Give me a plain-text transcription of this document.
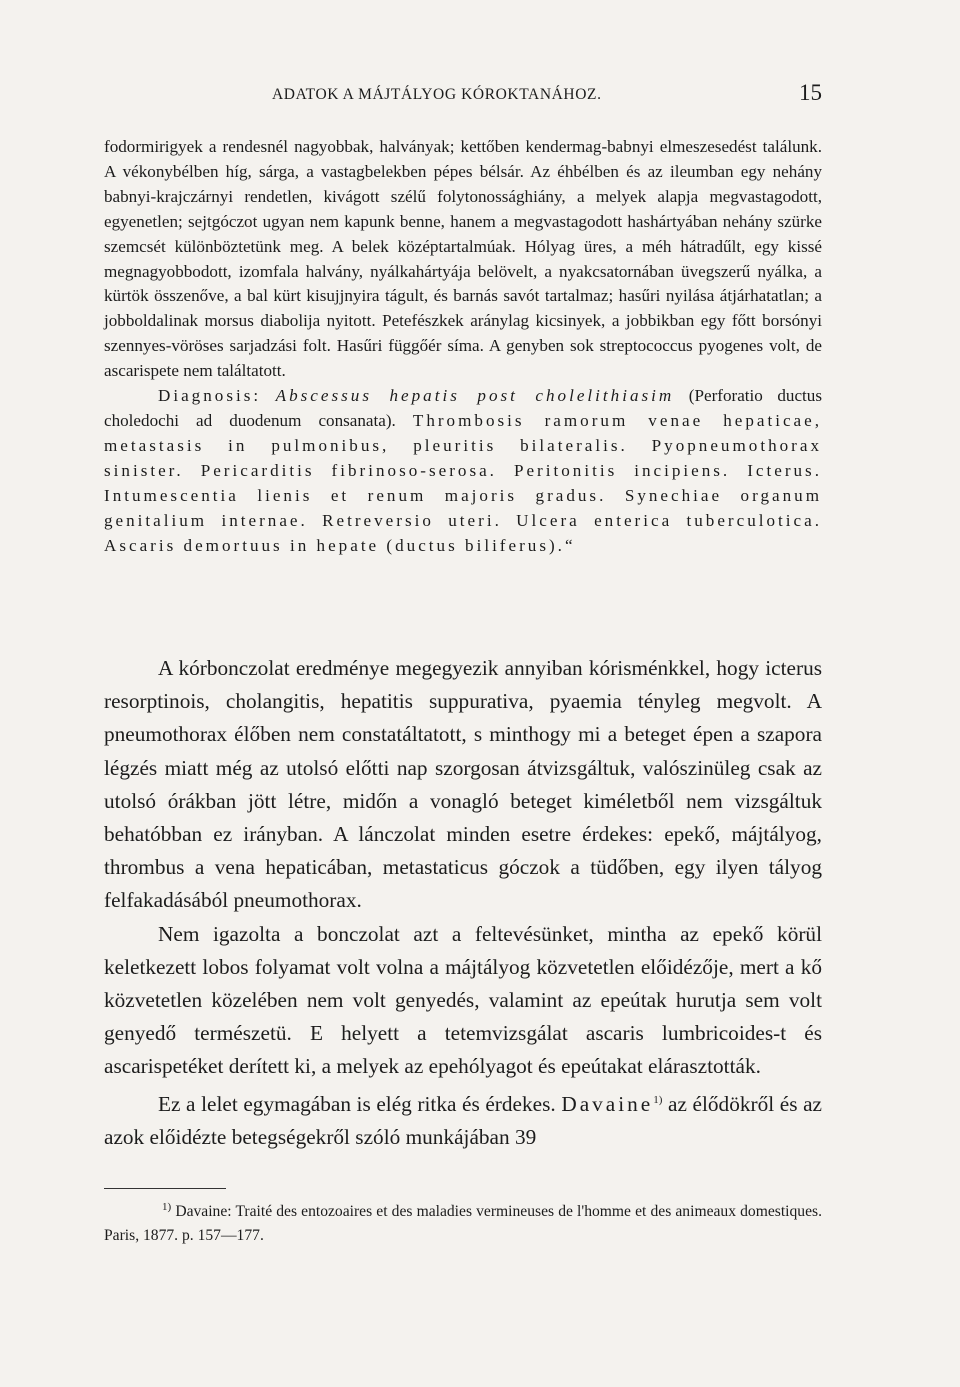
ADATOK A MÁJTÁLYOG KÓROKTANÁHOZ.	15

fodormirigyek a rendesnél nagyobbak, halványak; kettőben kendermag-babnyi elmeszesedést találunk. A vékonybélben híg, sárga, a vastagbelekben pépes bélsár. Az éhbélben és az ileumban egy nehány babnyi-krajczárnyi rendetlen, kivágott szélű folytonossághiány, a melyek alapja megvastagodott, egyenetlen; sejtgóczot ugyan nem kapunk benne, hanem a megvastagodott hashártyában nehány szürke szemcsét különböztetünk meg. A belek középtartalmúak. Hólyag üres, a méh hátradűlt, egy kissé megnagyobbodott, izomfala halvány, nyálkahártyája belövelt, a nyakcsatornában üvegszerű nyálka, a kürtök összenőve, a bal kürt kisujjnyira tágult, és barnás savót tartalmaz; hasűri nyilása átjárhatatlan; a jobboldalinak morsus diabolija nyitott. Petefészkek aránylag kicsinyek, a jobbikban egy főtt borsónyi szennyes-vöröses sarjadzási folt. Hasűri függőér síma. A genyben sok streptococcus pyogenes volt, de ascarispete nem találtatott.

Diagnosis: Abscessus hepatis post cholelithiasim (Perforatio ductus choledochi ad duodenum consanata). Thrombosis ramorum venae hepaticae, metastasis in pulmonibus, pleuritis bilateralis. Pyopneumothorax sinister. Pericarditis fibrinoso-serosa. Peritonitis incipiens. Icterus. Intumescentia lienis et renum majoris gradus. Synechiae organum genitalium internae. Retreversio uteri. Ulcera enterica tuberculotica. Ascaris demortuus in hepate (ductus biliferus).“

A kórbonczolat eredménye megegyezik annyiban kórisménkkel, hogy icterus resorptinois, cholangitis, hepatitis suppurativa, pyaemia tényleg megvolt. A pneumothorax élőben nem constatáltatott, s minthogy mi a beteget épen a szapora légzés miatt még az utolsó előtti nap szorgosan átvizsgáltuk, valószinüleg csak az utolsó órákban jött létre, midőn a vonagló beteget kiméletből nem vizsgáltuk behatóbban ez irányban. A lánczolat minden esetre érdekes: epekő, májtályog, thrombus a vena hepaticában, metastaticus góczok a tüdőben, egy ilyen tályog felfakadásából pneumothorax.

Nem igazolta a bonczolat azt a feltevésünket, mintha az epekő körül keletkezett lobos folyamat volt volna a májtályog közvetetlen előidézője, mert a kő közvetetlen közelében nem volt genyedés, valamint az epeútak hurutja sem volt genyedő természetü. E helyett a tetemvizsgálat ascaris lumbricoides-t és ascarispetéket derített ki, a melyek az epehólyagot és epeútakat elárasztották.

Ez a lelet egymagában is elég ritka és érdekes. Davaine$^{1)}$ az élődökről és az azok előidézte betegségekről szóló munkájában 39

$^{1)}$ Davaine: Traité des entozoaires et des maladies vermineuses de l'homme et des animeaux domestiques. Paris, 1877. p. 157—177.
